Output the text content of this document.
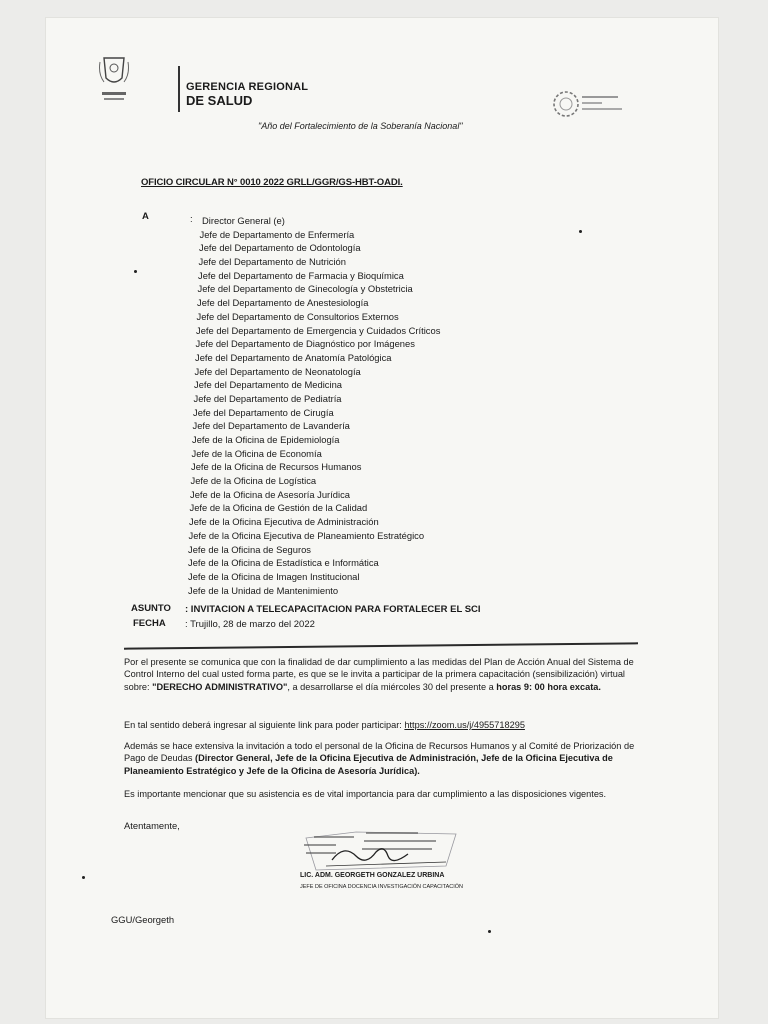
GERENCIA REGIONAL
DE SALUD
"Año del Fortalecimiento de la Soberanía Nacional"
OFICIO CIRCULAR N° 0010 2022 GRLL/GGR/GS-HBT-OADI.
A	: Director General (e)
Jefe de Departamento de Enfermería
Jefe del Departamento de Odontología
Jefe del Departamento de Nutrición
Jefe del Departamento de Farmacia y Bioquímica
Jefe del Departamento de Ginecología y Obstetricia
Jefe del Departamento de Anestesiología
Jefe del Departamento de Consultorios Externos
Jefe del Departamento de Emergencia y Cuidados Críticos
Jefe del Departamento de Diagnóstico por Imágenes
Jefe del Departamento de Anatomía Patológica
Jefe del Departamento de Neonatología
Jefe del Departamento de Medicina
Jefe del Departamento de Pediatría
Jefe del Departamento de Cirugía
Jefe del Departamento de Lavandería
Jefe de la Oficina de Epidemiología
Jefe de la Oficina de Economía
Jefe de la Oficina de Recursos Humanos
Jefe de la Oficina de Logística
Jefe de la Oficina de Asesoría Jurídica
Jefe de la Oficina de Gestión de la Calidad
Jefe de la Oficina Ejecutiva de Administración
Jefe de la Oficina Ejecutiva de Planeamiento Estratégico
Jefe de la Oficina de Seguros
Jefe de la Oficina de Estadística e Informática
Jefe de la Oficina de Imagen Institucional
Jefe de la Unidad de Mantenimiento
ASUNTO : INVITACION A TELECAPACITACION PARA FORTALECER EL SCI
FECHA : Trujillo, 28 de marzo del 2022
Por el presente se comunica que con la finalidad de dar cumplimiento a las medidas del Plan de Acción Anual del Sistema de Control Interno del cual usted forma parte, es que se le invita a participar de la primera capacitación (sensibilización) virtual sobre: "DERECHO ADMINISTRATIVO", a desarrollarse el día miércoles 30 del presente a horas 9: 00 hora excata.
En tal sentido deberá ingresar al siguiente link para poder participar: https://zoom.us/j/4955718295
Además se hace extensiva la invitación a todo el personal de la Oficina de Recursos Humanos y al Comité de Priorización de Pago de Deudas (Director General, Jefe de la Oficina Ejecutiva de Administración, Jefe de la Oficina Ejecutiva de Planeamiento Estratégico y Jefe de la Oficina de Asesoría Jurídica).
Es importante mencionar que su asistencia es de vital importancia para dar cumplimiento a las disposiciones vigentes.
Atentamente,
LIC. ADM. GEORGETH GONZALEZ URBINA
JEFE DE OFICINA DOCENCIA INVESTIGACIÓN CAPACITACIÓN
GGU/Georgeth
